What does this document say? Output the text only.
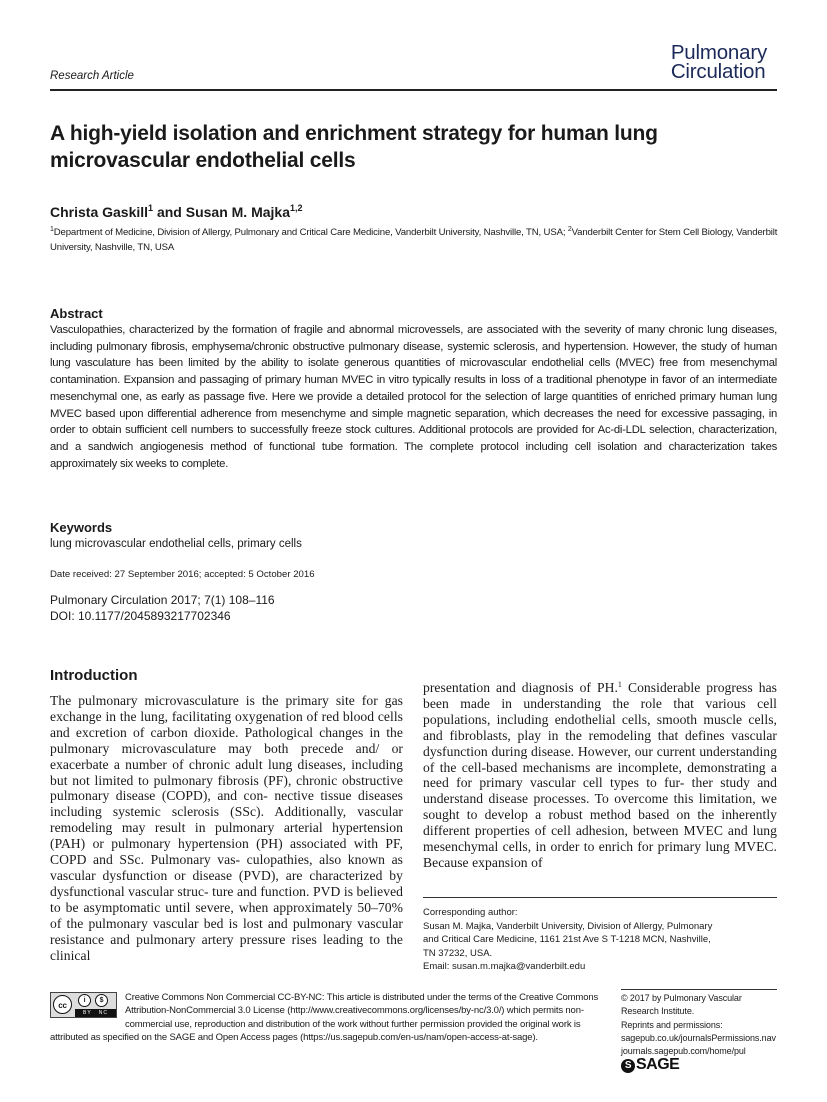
Research Article
Pulmonary
Circulation
A high-yield isolation and enrichment strategy for human lung microvascular endothelial cells
Christa Gaskill$^1$ and Susan M. Majka$^{1,2}$
$^1$Department of Medicine, Division of Allergy, Pulmonary and Critical Care Medicine, Vanderbilt University, Nashville, TN, USA; $^2$Vanderbilt Center for Stem Cell Biology, Vanderbilt University, Nashville, TN, USA
Abstract
Vasculopathies, characterized by the formation of fragile and abnormal microvessels, are associated with the severity of many chronic lung diseases, including pulmonary fibrosis, emphysema/chronic obstructive pulmonary disease, systemic sclerosis, and hypertension. However, the study of human lung vasculature has been limited by the ability to isolate generous quantities of microvascular endothelial cells (MVEC) free from mesenchymal contamination. Expansion and passaging of primary human MVEC in vitro typically results in loss of a traditional phenotype in favor of an intermediate mesenchymal one, as early as passage five. Here we provide a detailed protocol for the selection of large quantities of enriched primary human lung MVEC based upon differential adherence from mesenchyme and simple magnetic separation, which decreases the need for excessive passaging, in order to obtain sufficient cell numbers to successfully freeze stock cultures. Additional protocols are provided for Ac-di-LDL selection, characterization, and a sandwich angiogenesis method of functional tube formation. The complete protocol including cell isolation and characterization takes approximately six weeks to complete.
Keywords
lung microvascular endothelial cells, primary cells
Date received: 27 September 2016; accepted: 5 October 2016
Pulmonary Circulation 2017; 7(1) 108–116
DOI: 10.1177/2045893217702346
Introduction
The pulmonary microvasculature is the primary site for gas exchange in the lung, facilitating oxygenation of red blood cells and excretion of carbon dioxide. Pathological changes in the pulmonary microvasculature may both precede and/ or exacerbate a number of chronic adult lung diseases, including but not limited to pulmonary fibrosis (PF), chronic obstructive pulmonary disease (COPD), and con- nective tissue diseases including systemic sclerosis (SSc). Additionally, vascular remodeling may result in pulmonary arterial hypertension (PAH) or pulmonary hypertension (PH) associated with PF, COPD and SSc. Pulmonary vas- culopathies, also known as vascular dysfunction or disease (PVD), are characterized by dysfunctional vascular struc- ture and function. PVD is believed to be asymptomatic until severe, when approximately 50–70% of the pulmonary vascular bed is lost and pulmonary vascular resistance and pulmonary artery pressure rises leading to the clinical
presentation and diagnosis of PH.$^1$ Considerable progress has been made in understanding the role that various cell populations, including endothelial cells, smooth muscle cells, and fibroblasts, play in the remodeling that defines vascular dysfunction during disease. However, our current understanding of the cell-based mechanisms are incomplete, demonstrating a need for primary vascular cell types to fur- ther study and understand disease processes. To overcome this limitation, we sought to develop a robust method based on the inherently different properties of cell adhesion, between MVEC and lung mesenchymal cells, in order to enrich for primary lung MVEC. Because expansion of
Corresponding author:
Susan M. Majka, Vanderbilt University, Division of Allergy, Pulmonary
and Critical Care Medicine, 1161 21st Ave S T-1218 MCN, Nashville,
TN 37232, USA.
Email: susan.m.majka@vanderbilt.edu
cc
i	$
BY   NC
Creative Commons Non Commercial CC-BY-NC: This article is distributed under the terms of the Creative Commons Attribution-NonCommercial 3.0 License (http://www.creativecommons.org/licenses/by-nc/3.0/) which permits non-commercial use, reproduction and distribution of the work without further permission provided the original work is attributed as specified on the SAGE and Open Access pages (https://us.sagepub.com/en-us/nam/open-access-at-sage).
© 2017 by Pulmonary Vascular
Research Institute.
Reprints and permissions:
sagepub.co.uk/journalsPermissions.nav
journals.sagepub.com/home/pul
S SAGE
